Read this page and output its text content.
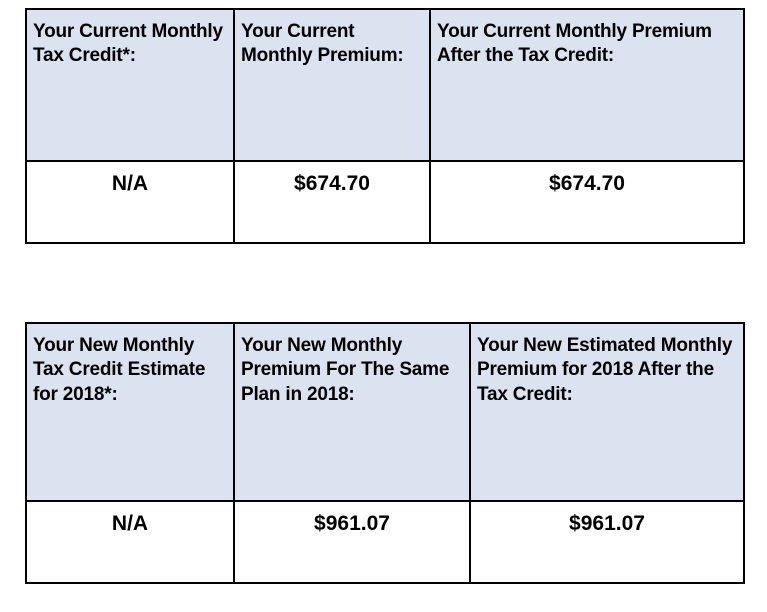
Your Current Monthly Tax Credit*:	Your Current Monthly Premium:	Your Current Monthly Premium After the Tax Credit:
N/A	$674.70	$674.70
Your New Monthly Tax Credit Estimate for 2018*:	Your New Monthly Premium For The Same Plan in 2018:	Your New Estimated Monthly Premium for 2018 After the Tax Credit:
N/A	$961.07	$961.07
